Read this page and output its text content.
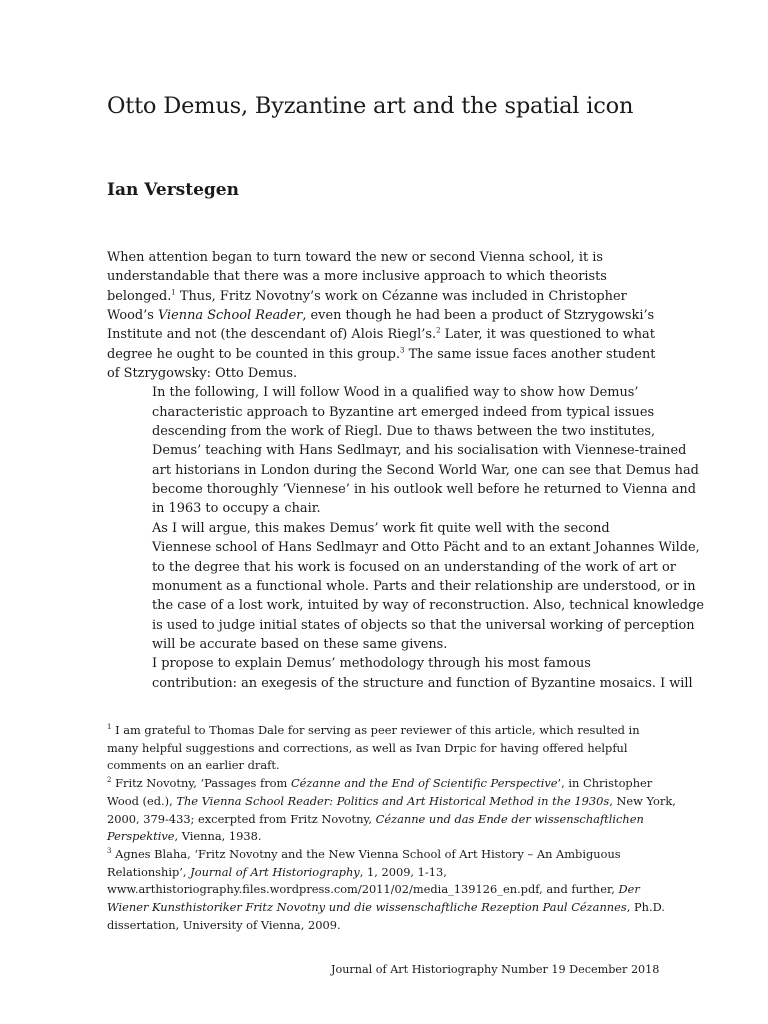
Otto Demus, Byzantine art and the spatial icon
Ian Verstegen

When attention began to turn toward the new or second Vienna school, it is
understandable that there was a more inclusive approach to which theorists
belonged.$^1$ Thus, Fritz Novotny’s work on Cézanne was included in Christopher
Wood’s Vienna School Reader, even though he had been a product of Stzrygowski’s
Institute and not (the descendant of) Alois Riegl’s.$^2$ Later, it was questioned to what
degree he ought to be counted in this group.$^3$ The same issue faces another student
of Stzrygowsky: Otto Demus.

In the following, I will follow Wood in a qualified way to show how Demus’
characteristic approach to Byzantine art emerged indeed from typical issues
descending from the work of Riegl. Due to thaws between the two institutes,
Demus’ teaching with Hans Sedlmayr, and his socialisation with Viennese-trained
art historians in London during the Second World War, one can see that Demus had
become thoroughly ‘Viennese’ in his outlook well before he returned to Vienna and
in 1963 to occupy a chair.

As I will argue, this makes Demus’ work fit quite well with the second
Viennese school of Hans Sedlmayr and Otto Pächt and to an extant Johannes Wilde,
to the degree that his work is focused on an understanding of the work of art or
monument as a functional whole. Parts and their relationship are understood, or in
the case of a lost work, intuited by way of reconstruction. Also, technical knowledge
is used to judge initial states of objects so that the universal working of perception
will be accurate based on these same givens.

I propose to explain Demus’ methodology through his most famous
contribution: an exegesis of the structure and function of Byzantine mosaics. I will

$^1$ I am grateful to Thomas Dale for serving as peer reviewer of this article, which resulted in
many helpful suggestions and corrections, as well as Ivan Drpic for having offered helpful
comments on an earlier draft.
$^2$ Fritz Novotny, ‘Passages from Cézanne and the End of Scientific Perspective’, in Christopher
Wood (ed.), The Vienna School Reader: Politics and Art Historical Method in the 1930s, New York,
2000, 379-433; excerpted from Fritz Novotny, Cézanne und das Ende der wissenschaftlichen
Perspektive, Vienna, 1938.
$^3$ Agnes Blaha, ‘Fritz Novotny and the New Vienna School of Art History – An Ambiguous
Relationship’, Journal of Art Historiography, 1, 2009, 1-13,
www.arthistoriography.files.wordpress.com/2011/02/media_139126_en.pdf, and further, Der
Wiener Kunsthistoriker Fritz Novotny und die wissenschaftliche Rezeption Paul Cézannes, Ph.D.
dissertation, University of Vienna, 2009.
Journal of Art Historiography Number 19 December 2018
